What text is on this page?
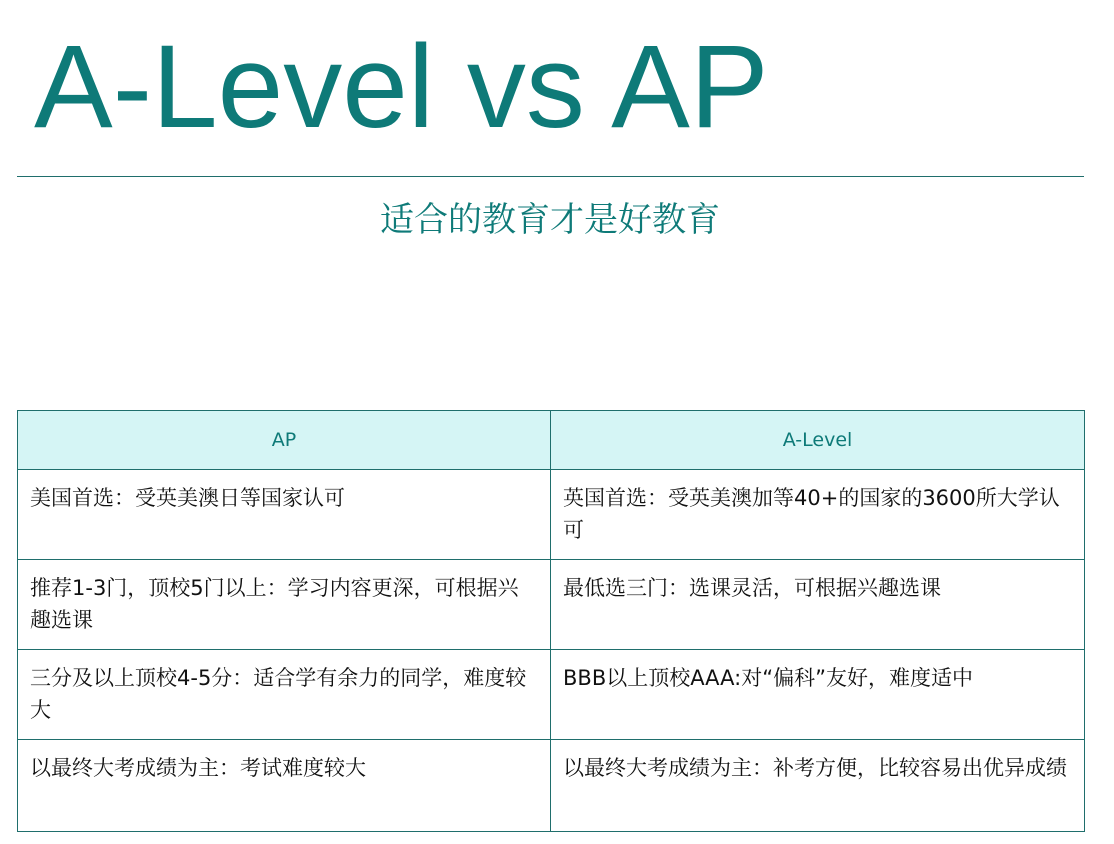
A-Level vs AP
适合的教育才是好教育
AP	A-Level
美国首选：受英美澳日等国家认可	英国首选：受英美澳加等40+的国家的3600所大学认可
推荐1-3门，顶校5门以上：学习内容更深，可根据兴趣选课	最低选三门：选课灵活，可根据兴趣选课
三分及以上顶校4-5分：适合学有余力的同学，难度较大	BBB以上顶校AAA:对“偏科”友好，难度适中
以最终大考成绩为主：考试难度较大	以最终大考成绩为主：补考方便，比较容易出优异成绩
